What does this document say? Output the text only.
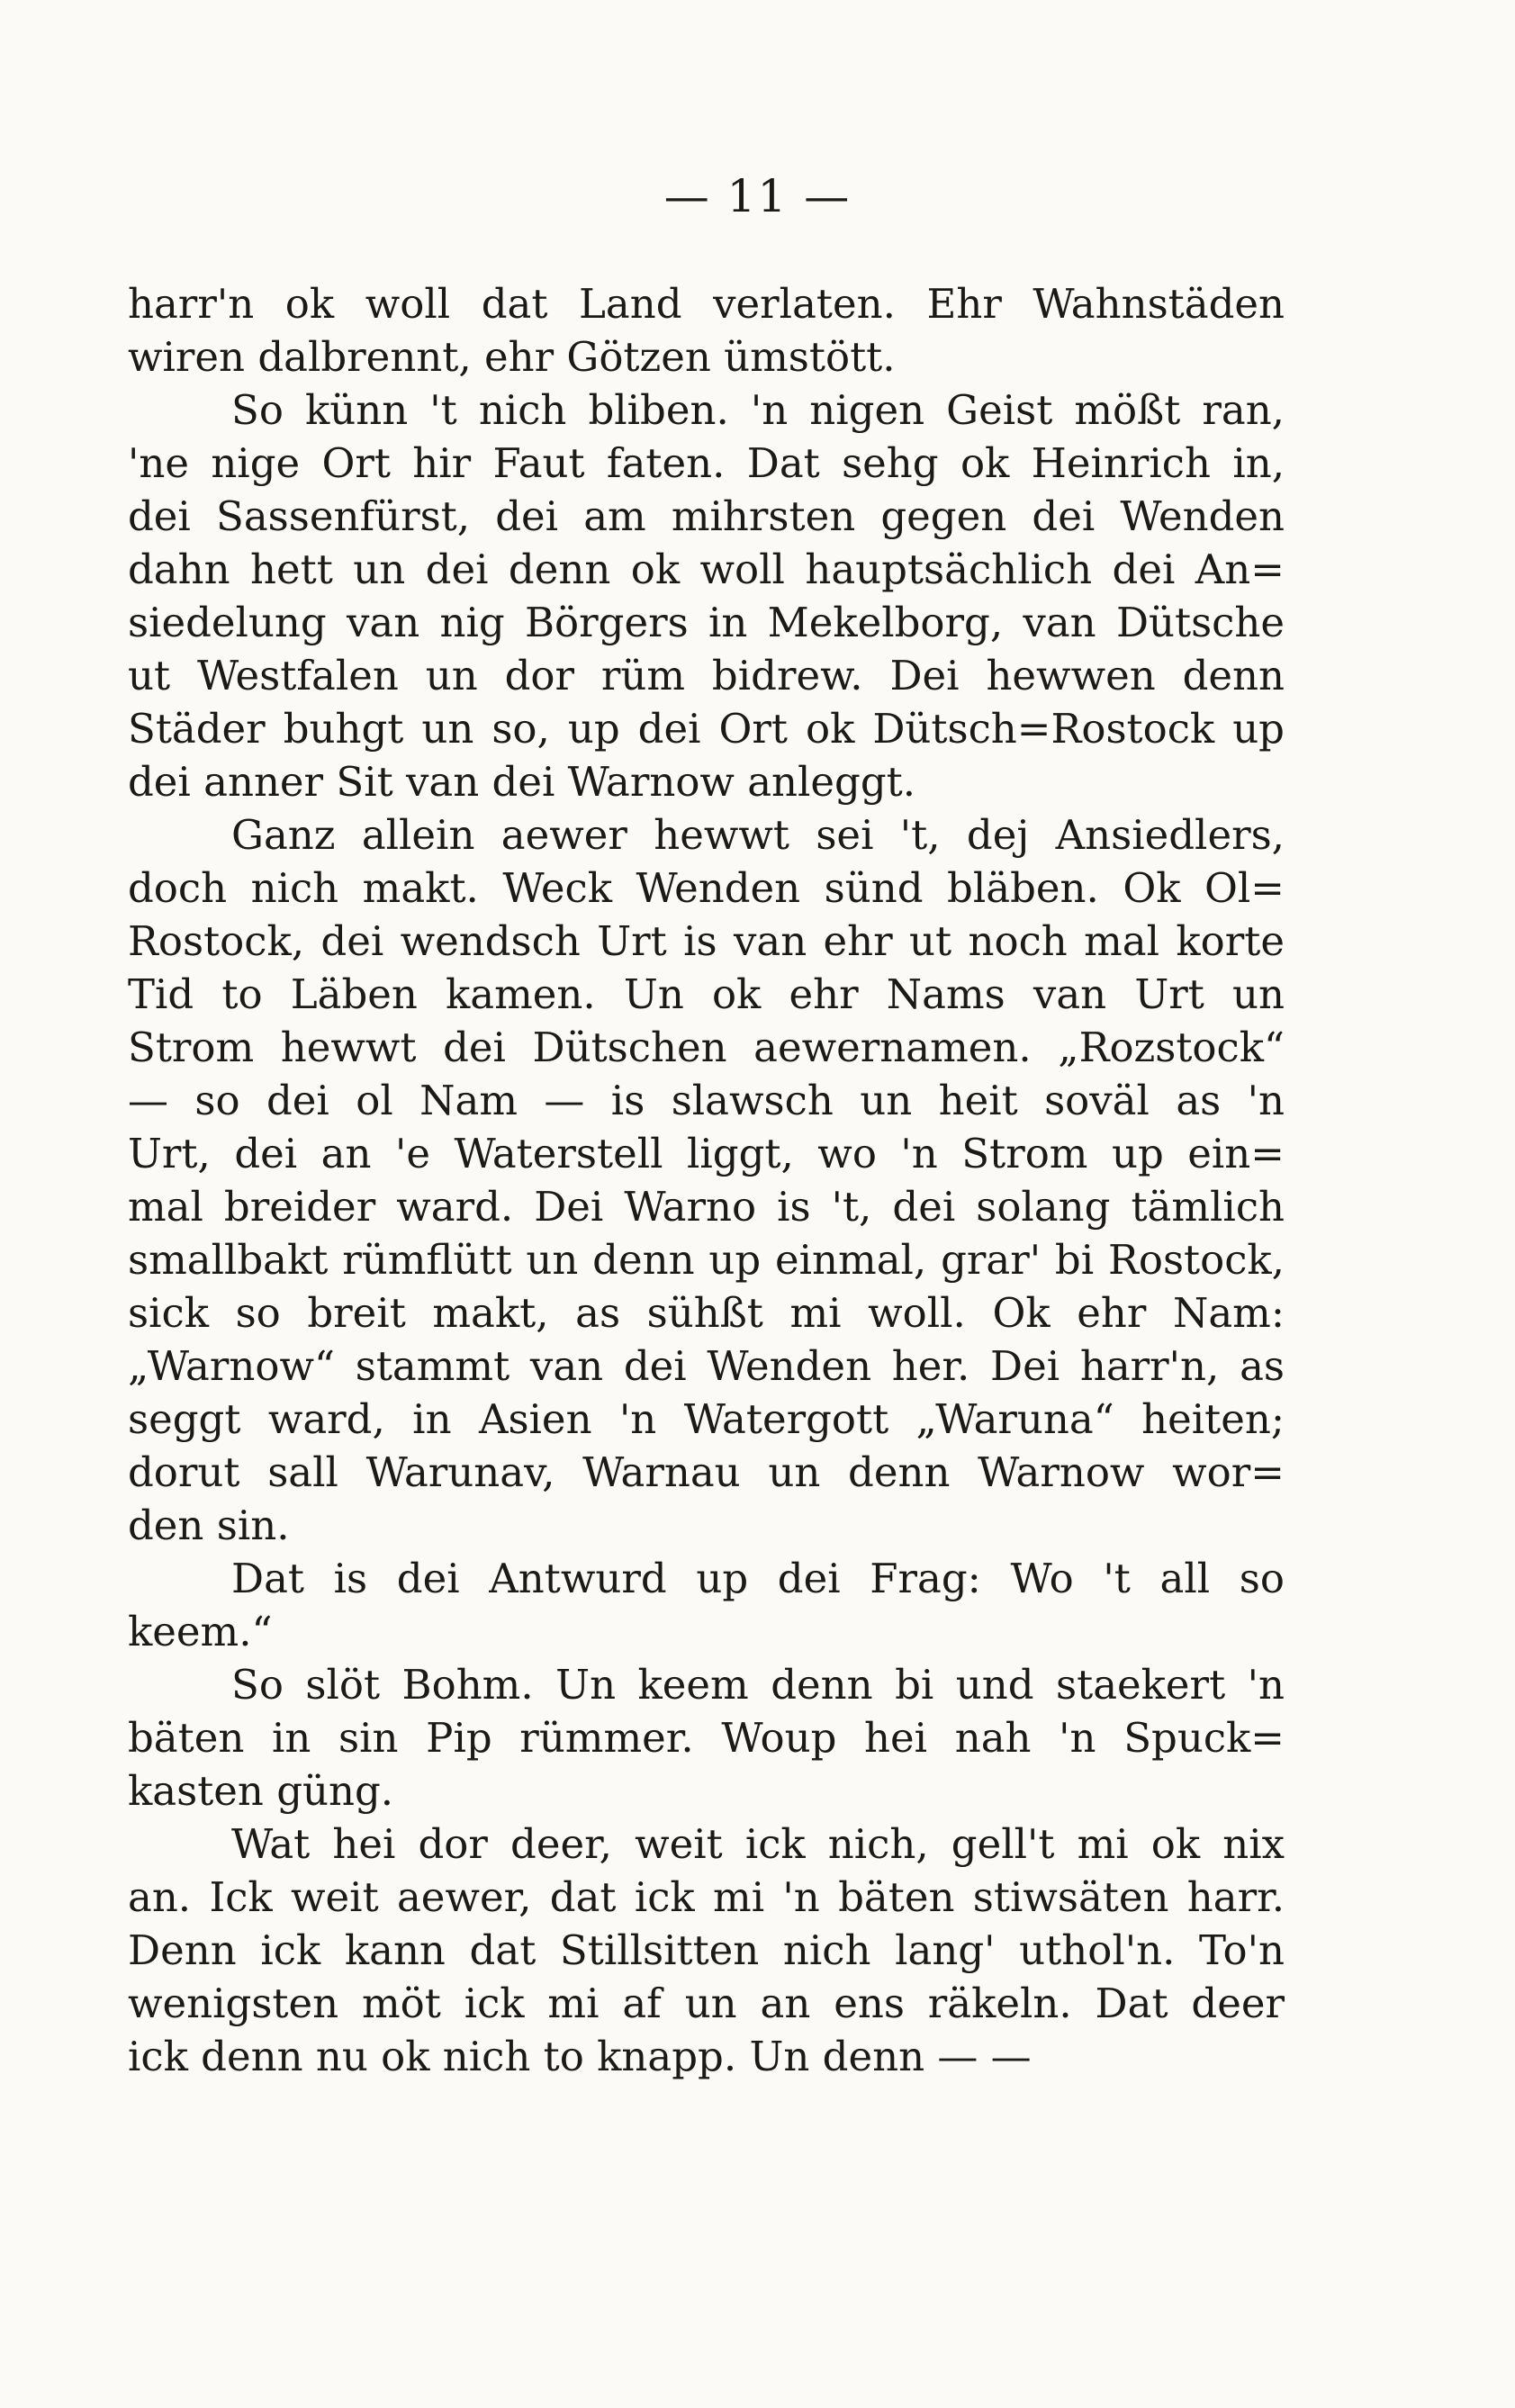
— 11 —
harr'n ok woll dat Land verlaten. Ehr Wahnstäden
wiren dalbrennt, ehr Götzen ümstött.
So künn 't nich bliben. 'n nigen Geist mößt ran,
'ne nige Ort hir Faut faten. Dat sehg ok Heinrich in,
dei Sassenfürst, dei am mihrsten gegen dei Wenden
dahn hett un dei denn ok woll hauptsächlich dei An=
siedelung van nig Börgers in Mekelborg, van Dütsche
ut Westfalen un dor rüm bidrew. Dei hewwen denn
Städer buhgt un so, up dei Ort ok Dütsch=Rostock up
dei anner Sit van dei Warnow anleggt.
Ganz allein aewer hewwt sei 't, dej Ansiedlers,
doch nich makt. Weck Wenden sünd bläben. Ok Ol=
Rostock, dei wendsch Urt is van ehr ut noch mal korte
Tid to Läben kamen. Un ok ehr Nams van Urt un
Strom hewwt dei Dütschen aewernamen. „Rozstock“
— so dei ol Nam — is slawsch un heit soväl as 'n
Urt, dei an 'e Waterstell liggt, wo 'n Strom up ein=
mal breider ward. Dei Warno is 't, dei solang tämlich
smallbakt rümflütt un denn up einmal, grar' bi Rostock,
sick so breit makt, as sühßt mi woll. Ok ehr Nam:
„Warnow“ stammt van dei Wenden her. Dei harr'n, as
seggt ward, in Asien 'n Watergott „Waruna“ heiten;
dorut sall Warunav, Warnau un denn Warnow wor=
den sin.
Dat is dei Antwurd up dei Frag: Wo 't all so
keem.“
So slöt Bohm. Un keem denn bi und staekert 'n
bäten in sin Pip rümmer. Woup hei nah 'n Spuck=
kasten güng.
Wat hei dor deer, weit ick nich, gell't mi ok nix
an. Ick weit aewer, dat ick mi 'n bäten stiwsäten harr.
Denn ick kann dat Stillsitten nich lang' uthol'n. To'n
wenigsten möt ick mi af un an ens räkeln. Dat deer
ick denn nu ok nich to knapp. Un denn — —
